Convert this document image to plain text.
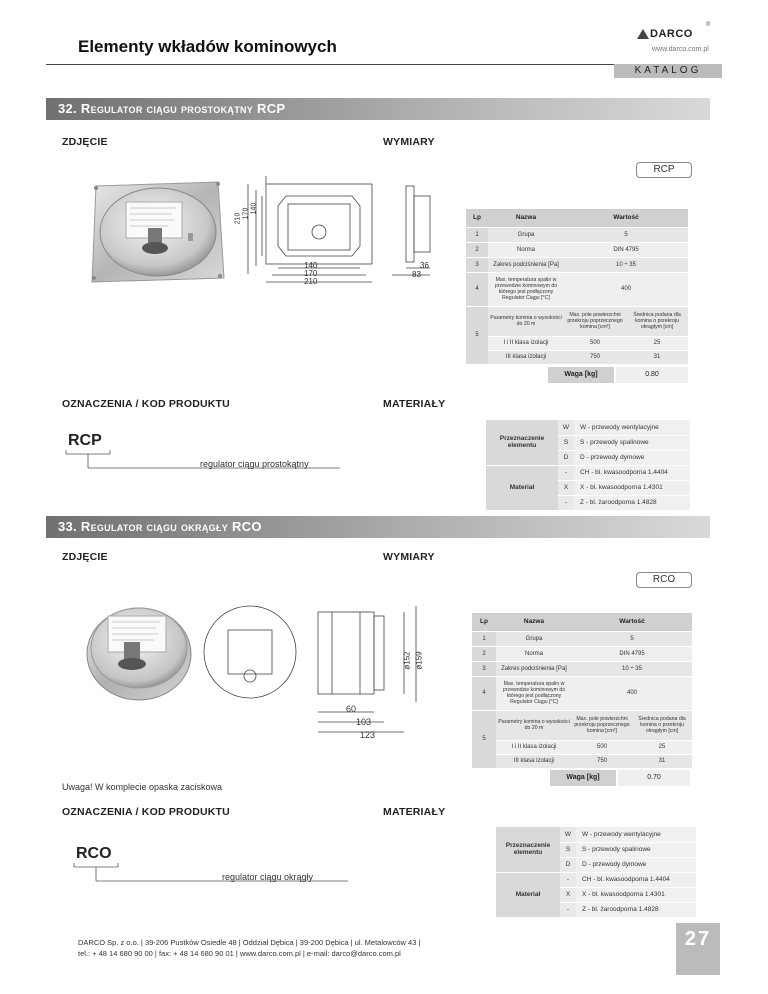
Elementy wkładów kominowych
DARCO
®
www.darco.com.pl
KATALOG
32. Regulator ciągu prostokątny RCP
ZDJĘCIE	WYMIARY
RCP
210 170 140
140
170
210
36
83
Lp	Nazwa	Wartość	
1	Grupa	5	
2	Norma	DIN 4795	
3	Zakres podciśnienia [Pa]	10 ÷ 35	
4	Max. temperatura spalin w przewodzie kominowym do którego jest podłączony Regulator Ciągu [°C]	400	
5	Parametry komina o wysokości do 20 m	Max. pole powierzchni przekroju poprzecznego komina [cm²]	Średnica podana dla komina o przekroju okrągłym [cm]
	I i II klasa izolacji	500	25
	III klasa izolacji	750	31
Waga [kg]	0.80
OZNACZENIA / KOD PRODUKTU	MATERIAŁY
RCP
regulator ciągu prostokątny
Przeznaczenie elementu	W	W - przewody wentylacyjne
	S	S - przewody spalinowe
	D	D - przewody dymowe
Materiał	-	CH - bl. kwasoodporna 1.4404
	X	X - bl. kwasoodporna 1.4301
	-	Z - bl. żaroodporna 1.4828
33. Regulator ciągu okrągły RCO
ZDJĘCIE	WYMIARY
RCO
ø152 ø159
60
103
123
Lp	Nazwa	Wartość	
1	Grupa	5	
2	Norma	DIN 4795	
3	Zakres podciśnienia [Pa]	10 ÷ 35	
4	Max. temperatura spalin w przewodzie kominowym do którego jest podłączony Regulator Ciągu [°C]	400	
5	Parametry komina o wysokości do 20 m	Max. pole powierzchni przekroju poprzecznego komina [cm²]	Średnica podana dla komina o przekroju okrągłym [cm]
	I i II klasa izolacji	500	25
	III klasa izolacji	750	31
Waga [kg]	0.70
Uwaga! W komplecie opaska zaciskowa
OZNACZENIA / KOD PRODUKTU	MATERIAŁY
RCO
regulator ciągu okrągły
Przeznaczenie elementu	W	W - przewody wentylacyjne
	S	S - przewody spalinowe
	D	D - przewody dymowe
Materiał	-	CH - bl. kwasoodporna 1.4404
	X	X - bl. kwasoodporna 1.4301
	-	Z - bl. żaroodporna 1.4828
DARCO Sp. z o.o. | 39-206 Pustków Osiedle 48 | Oddział Dębica | 39-200 Dębica | ul. Metalowców 43 |
tel.: + 48 14 680 90 00 | fax: + 48 14 680 90 01 | www.darco.com.pl | e-mail: darco@darco.com.pl
27
